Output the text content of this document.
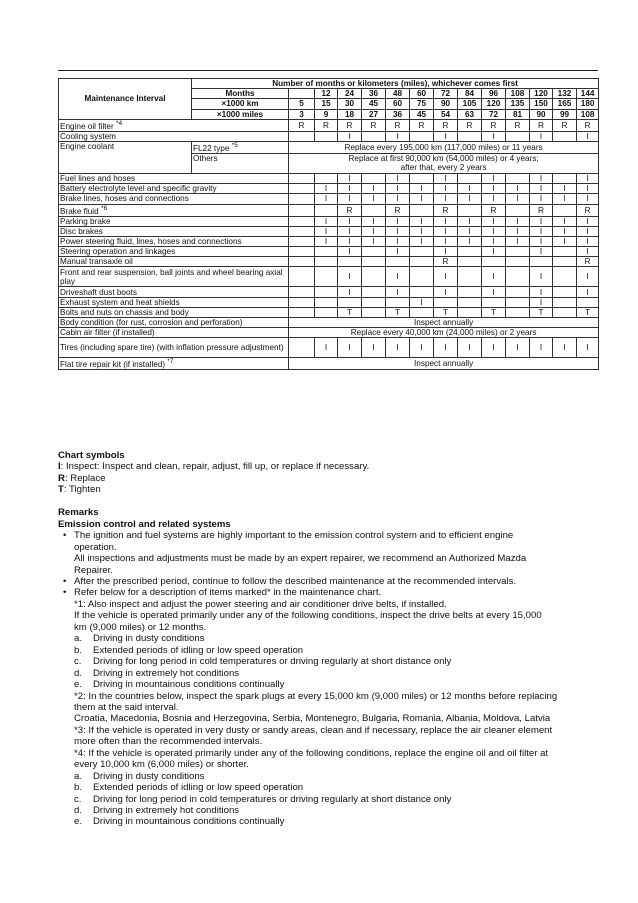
Maintenance Interval	Number of months or kilometers (miles), whichever comes first													
	Months		12	24	36	48	60	72	84	96	108	120	132	144
	×1000 km	5	15	30	45	60	75	90	105	120	135	150	165	180
	×1000 miles	3	9	18	27	36	45	54	63	72	81	90	99	108
Engine oil filter $^{*4}$		R	R	R	R	R	R	R	R	R	R	R	R	R
Cooling system				I		I		I		I		I		I
Engine coolant	FL22 type $^{*5}$	Replace every 195,000 km (117,000 miles) or 11 years												
	Others	Replace at first 90,000 km (54,000 miles) or 4 years;
after that, every 2 years												

Fuel lines and hoses				I		I		I		I		I		I
Battery electrolyte level and specific gravity			I	I	I	I	I	I	I	I	I	I	I	I
Brake lines, hoses and connections			I	I	I	I	I	I	I	I	I	I	I	I
Brake fluid $^{*6}$				R		R		R		R		R		R
Parking brake			I	I	I	I	I	I	I	I	I	I	I	I
Disc brakes			I	I	I	I	I	I	I	I	I	I	I	I
Power steering fluid, lines, hoses and connections			I	I	I	I	I	I	I	I	I	I	I	I
Steering operation and linkages				I		I		I		I		I		I
Manual transaxle oil								R						R
Front and rear suspension, ball joints and wheel bearing axial play				I		I		I		I		I		I
Driveshaft dust boots				I		I		I		I		I		I
Exhaust system and heat shields							I					I		
Bolts and nuts on chassis and body				T		T		T		T		T		T
Body condition (for rust, corrosion and perforation)		Inspect annually												
Cabin air filter (if installed)		Replace every 40,000 km (24,000 miles) or 2 years												
Tires (including spare tire) (with inflation pressure adjustment)			I	I	I	I	I	I	I	I	I	I	I	I
Flat tire repair kit (if installed) $^{*7}$		Inspect annually												
Chart symbols
I: Inspect: Inspect and clean, repair, adjust, fill up, or replace if necessary.
R: Replace
T: Tighten
Remarks
Emission control and related systems
• The ignition and fuel systems are highly important to the emission control system and to efficient engine
operation.
All inspections and adjustments must be made by an expert repairer, we recommend an Authorized Mazda
Repairer.
• After the prescribed period, continue to follow the described maintenance at the recommended intervals.
• Refer below for a description of items marked* in the maintenance chart.
*1: Also inspect and adjust the power steering and air conditioner drive belts, if installed.
If the vehicle is operated primarily under any of the following conditions, inspect the drive belts at every 15,000
km (9,000 miles) or 12 months.
a.	Driving in dusty conditions
b.	Extended periods of idling or low speed operation
c.	Driving for long period in cold temperatures or driving regularly at short distance only
d.	Driving in extremely hot conditions
e.	Driving in mountainous conditions continually
*2: In the countries below, inspect the spark plugs at every 15,000 km (9,000 miles) or 12 months before replacing
them at the said interval.
Croatia, Macedonia, Bosnia and Herzegovina, Serbia, Montenegro, Bulgaria, Romania, Albania, Moldova, Latvia
*3: If the vehicle is operated in very dusty or sandy areas, clean and if necessary, replace the air cleaner element
more often than the recommended intervals.
*4: If the vehicle is operated primarily under any of the following conditions, replace the engine oil and oil filter at
every 10,000 km (6,000 miles) or shorter.
a.	Driving in dusty conditions
b.	Extended periods of idling or low speed operation
c.	Driving for long period in cold temperatures or driving regularly at short distance only
d.	Driving in extremely hot conditions
e.	Driving in mountainous conditions continually
